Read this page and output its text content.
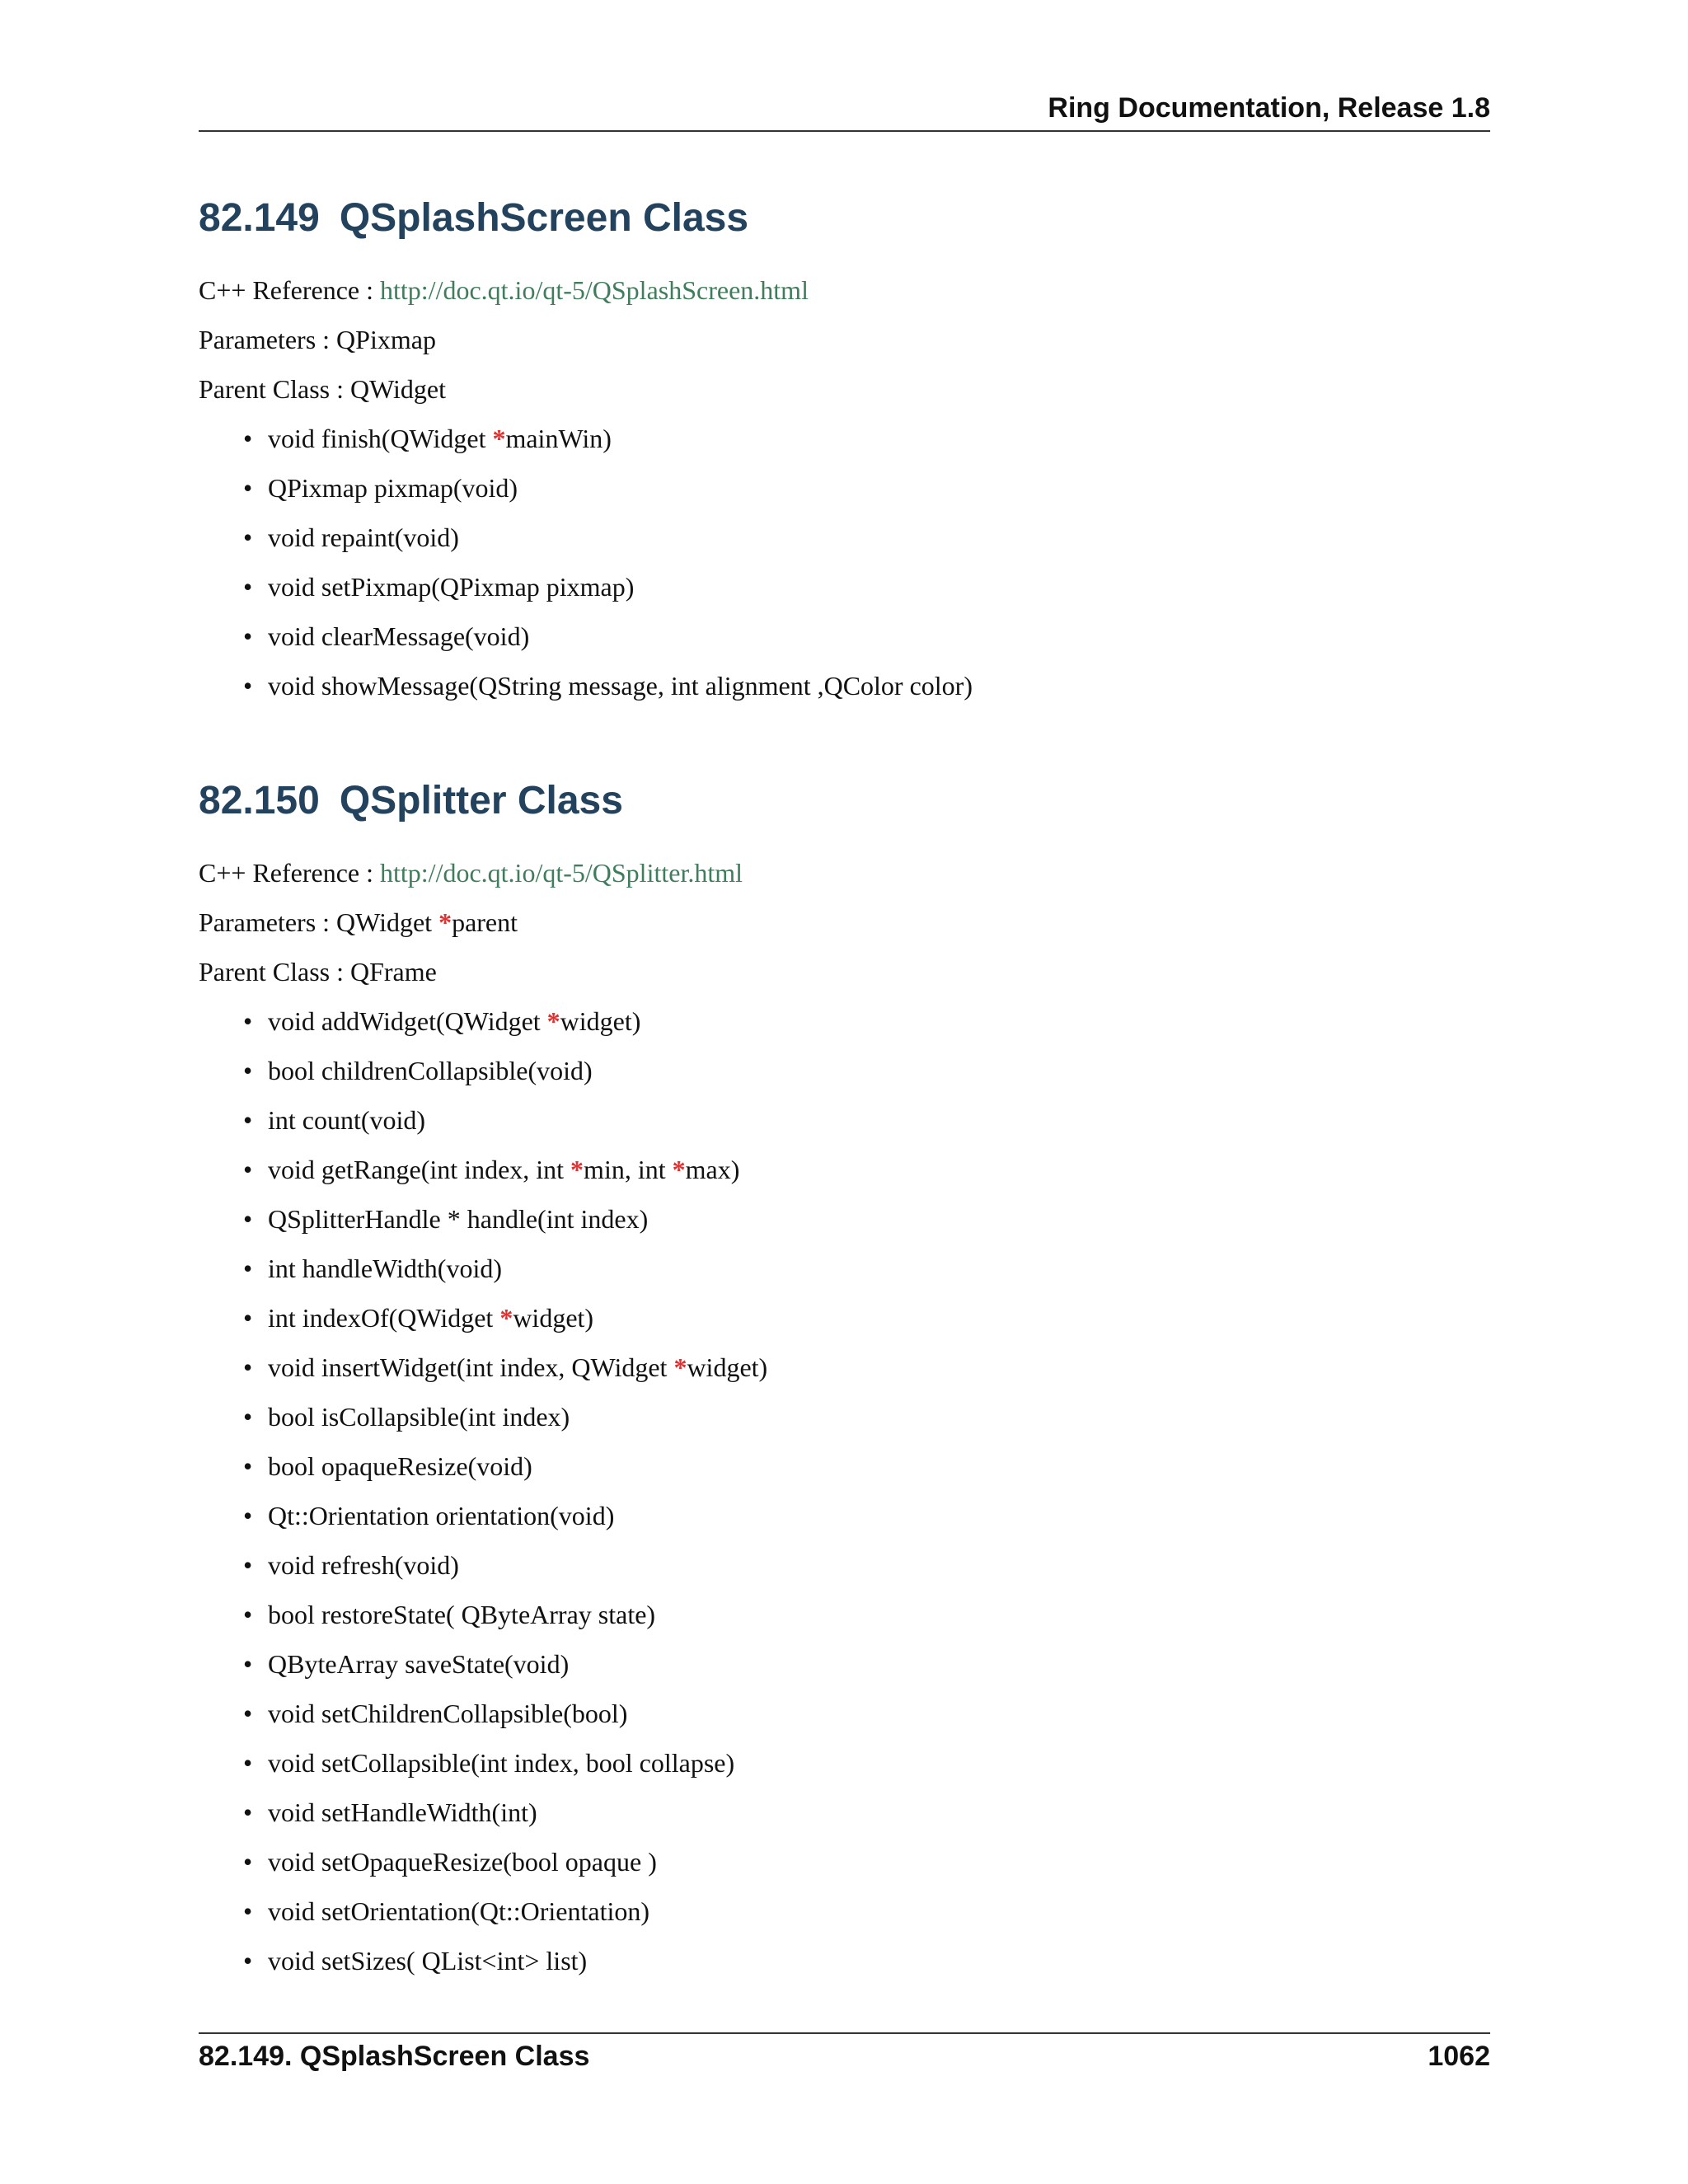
Ring Documentation, Release 1.8
82.149 QSplashScreen Class
C++ Reference : http://doc.qt.io/qt-5/QSplashScreen.html
Parameters : QPixmap
Parent Class : QWidget
• void finish(QWidget *mainWin)
• QPixmap pixmap(void)
• void repaint(void)
• void setPixmap(QPixmap pixmap)
• void clearMessage(void)
• void showMessage(QString message, int alignment ,QColor color)
82.150 QSplitter Class
C++ Reference : http://doc.qt.io/qt-5/QSplitter.html
Parameters : QWidget *parent
Parent Class : QFrame
• void addWidget(QWidget *widget)
• bool childrenCollapsible(void)
• int count(void)
• void getRange(int index, int *min, int *max)
• QSplitterHandle * handle(int index)
• int handleWidth(void)
• int indexOf(QWidget *widget)
• void insertWidget(int index, QWidget *widget)
• bool isCollapsible(int index)
• bool opaqueResize(void)
• Qt::Orientation orientation(void)
• void refresh(void)
• bool restoreState( QByteArray state)
• QByteArray saveState(void)
• void setChildrenCollapsible(bool)
• void setCollapsible(int index, bool collapse)
• void setHandleWidth(int)
• void setOpaqueResize(bool opaque )
• void setOrientation(Qt::Orientation)
• void setSizes( QList<int> list)
82.149. QSplashScreen Class	1062
